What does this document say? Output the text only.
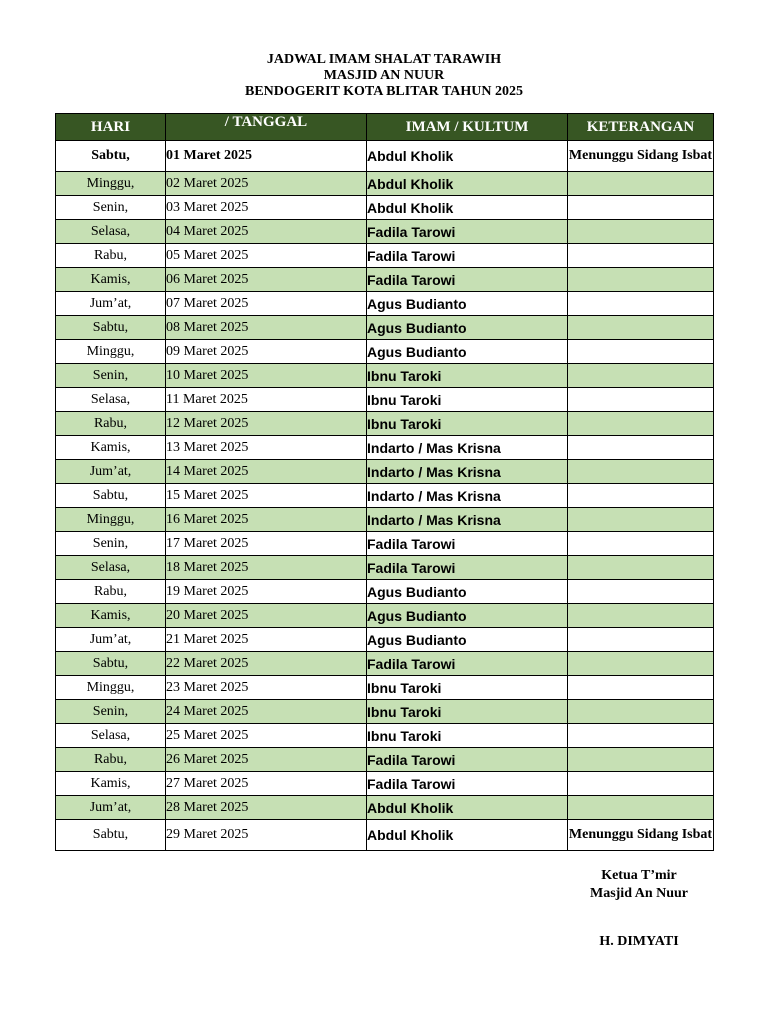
JADWAL IMAM SHALAT TARAWIH
MASJID AN NUUR
BENDOGERIT KOTA BLITAR TAHUN 2025
HARI	/ TANGGAL	IMAM / KULTUM	KETERANGAN
Sabtu,	01 Maret 2025	Abdul Kholik	Menunggu Sidang Isbat
Minggu,	02 Maret 2025	Abdul Kholik	
Senin,	03 Maret 2025	Abdul Kholik	
Selasa,	04 Maret 2025	Fadila Tarowi	
Rabu,	05 Maret 2025	Fadila Tarowi	
Kamis,	06 Maret 2025	Fadila Tarowi	
Jum’at,	07 Maret 2025	Agus Budianto	
Sabtu,	08 Maret 2025	Agus Budianto	
Minggu,	09 Maret 2025	Agus Budianto	
Senin,	10 Maret 2025	Ibnu Taroki	
Selasa,	11 Maret 2025	Ibnu Taroki	
Rabu,	12 Maret 2025	Ibnu Taroki	
Kamis,	13 Maret 2025	Indarto / Mas Krisna	
Jum’at,	14 Maret 2025	Indarto / Mas Krisna	
Sabtu,	15 Maret 2025	Indarto / Mas Krisna	
Minggu,	16 Maret 2025	Indarto / Mas Krisna	
Senin,	17 Maret 2025	Fadila Tarowi	
Selasa,	18 Maret 2025	Fadila Tarowi	
Rabu,	19 Maret 2025	Agus Budianto	
Kamis,	20 Maret 2025	Agus Budianto	
Jum’at,	21 Maret 2025	Agus Budianto	
Sabtu,	22 Maret 2025	Fadila Tarowi	
Minggu,	23 Maret 2025	Ibnu Taroki	
Senin,	24 Maret 2025	Ibnu Taroki	
Selasa,	25 Maret 2025	Ibnu Taroki	
Rabu,	26 Maret 2025	Fadila Tarowi	
Kamis,	27 Maret 2025	Fadila Tarowi	
Jum’at,	28 Maret 2025	Abdul Kholik	
Sabtu,	29 Maret 2025	Abdul Kholik	Menunggu Sidang Isbat
Ketua T’mir
Masjid An Nuur
H. DIMYATI
